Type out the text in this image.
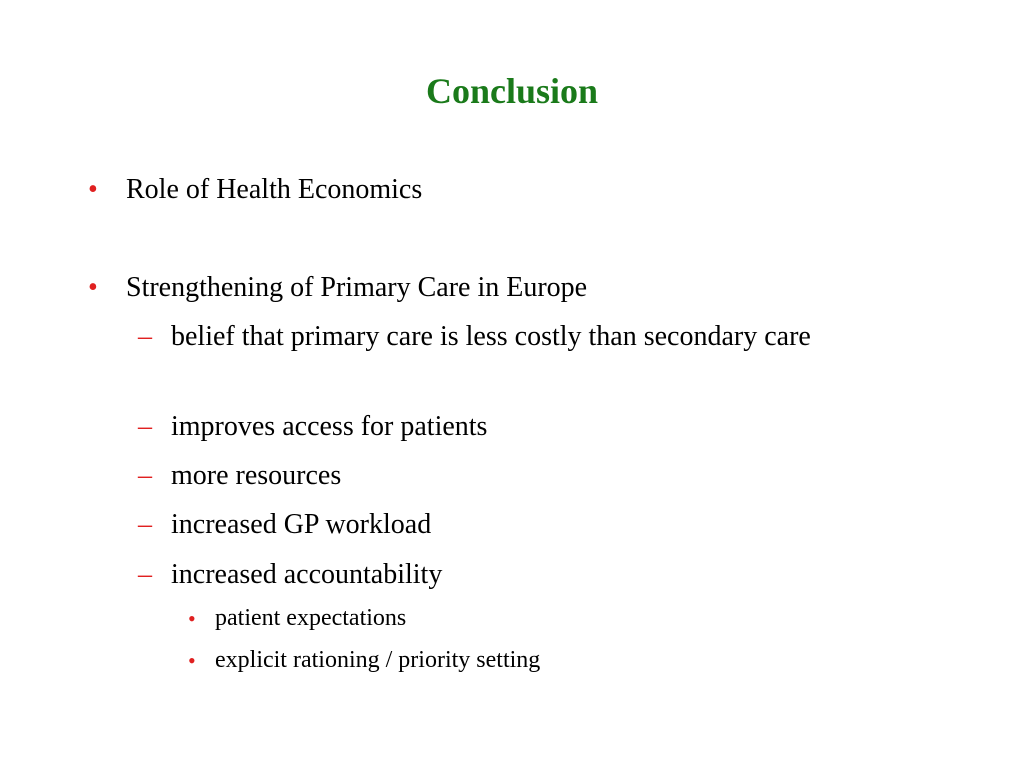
Conclusion
• Role of Health Economics
• Strengthening of Primary Care in Europe
– belief that primary care is less costly than secondary care
– improves access for patients
– more resources
– increased GP workload
– increased accountability
• patient expectations
• explicit rationing / priority setting
